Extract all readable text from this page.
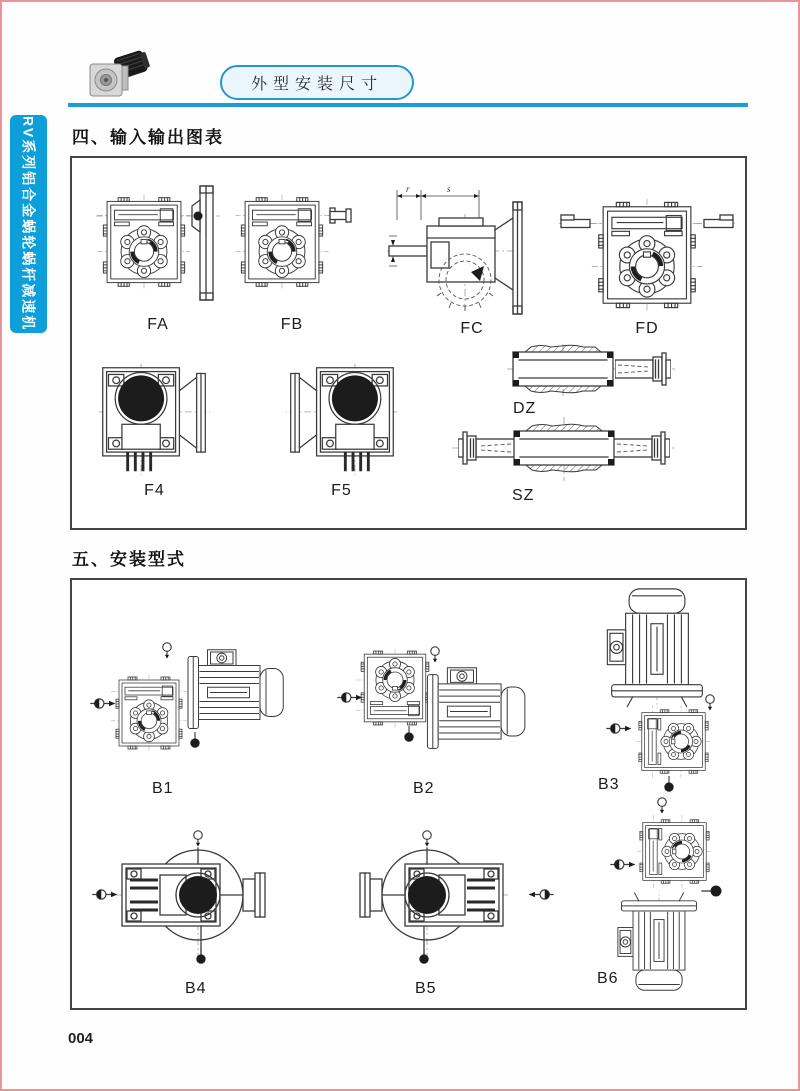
外型安装尺寸
RV系列铝合金蜗轮蜗杆减速机 四、输入输出图表
FA	FB
r	s
FC	FD
F4	F5
DZ
SZ
五、安装型式
B1	B2	B3
B4	B5
B6
004
